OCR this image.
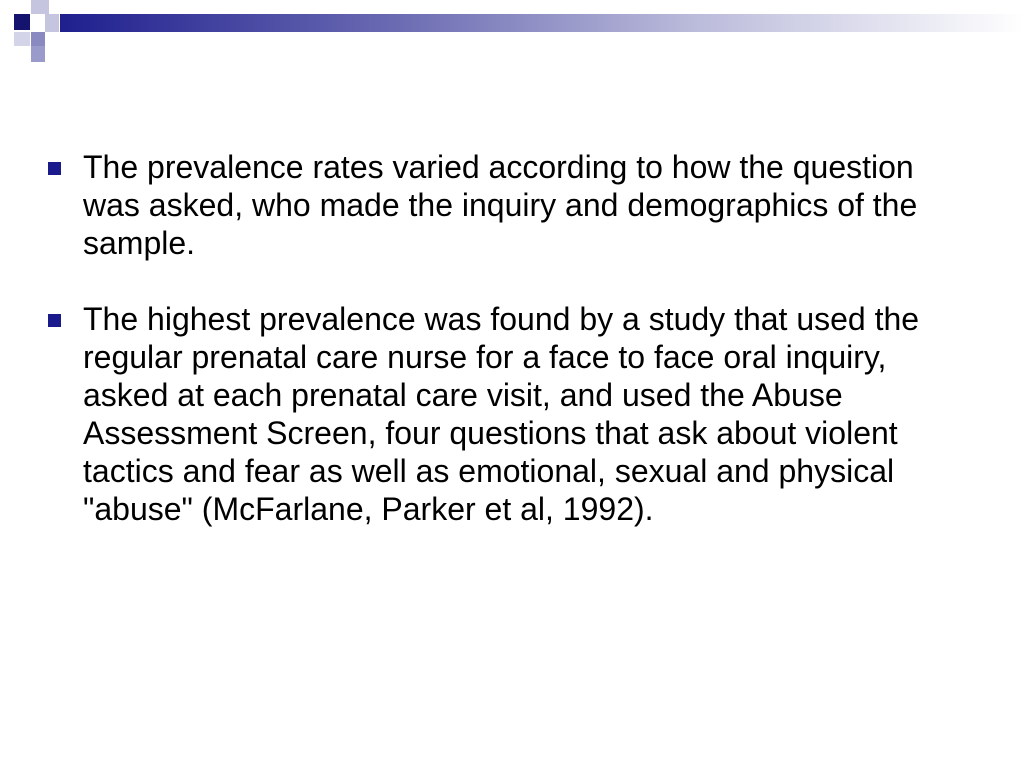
The prevalence rates varied according to how the question was asked, who made the inquiry and demographics of the sample.
The highest prevalence was found by a study that used the regular prenatal care nurse for a face to face oral inquiry, asked at each prenatal care visit, and used the Abuse Assessment Screen, four questions that ask about violent tactics and fear as well as emotional, sexual and physical "abuse" (McFarlane, Parker et al, 1992).
